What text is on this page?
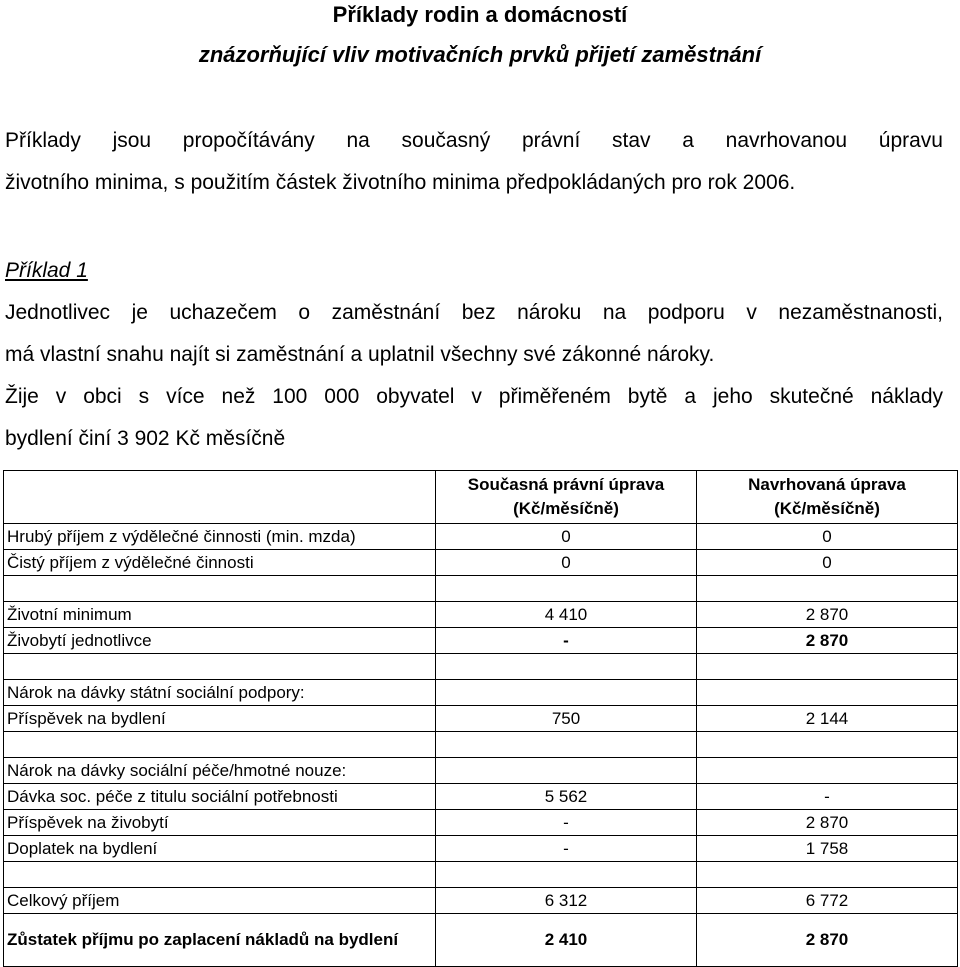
Příklady rodin a domácností
znázorňující vliv motivačních prvků přijetí zaměstnání

Příklady jsou propočítávány na současný právní stav a navrhovanou úpravu
životního minima, s použitím částek životního minima předpokládaných pro rok 2006.

Příklad 1

Jednotlivec je uchazečem o zaměstnání bez nároku na podporu v nezaměstnanosti,
má vlastní snahu najít si zaměstnání a uplatnil všechny své zákonné nároky.
Žije v obci s více než 100 000 obyvatel v přiměřeném bytě a jeho skutečné náklady
bydlení činí 3 902 Kč měsíčně

	Současná právní úprava (Kč/měsíčně)	Navrhovaná úprava (Kč/měsíčně)
Hrubý příjem z výdělečné činnosti (min. mzda)	0	0
Čistý příjem z výdělečné činnosti	0	0

Životní minimum	4 410	2 870
Živobytí jednotlivce	-	2 870

Nárok na dávky státní sociální podpory:		
Příspěvek na bydlení	750	2 144

Nárok na dávky sociální péče/hmotné nouze:		
Dávka soc. péče z titulu sociální potřebnosti	5 562	-
Příspěvek na živobytí	-	2 870
Doplatek na bydlení	-	1 758

Celkový příjem	6 312	6 772
Zůstatek příjmu po zaplacení nákladů na bydlení	2 410	2 870
